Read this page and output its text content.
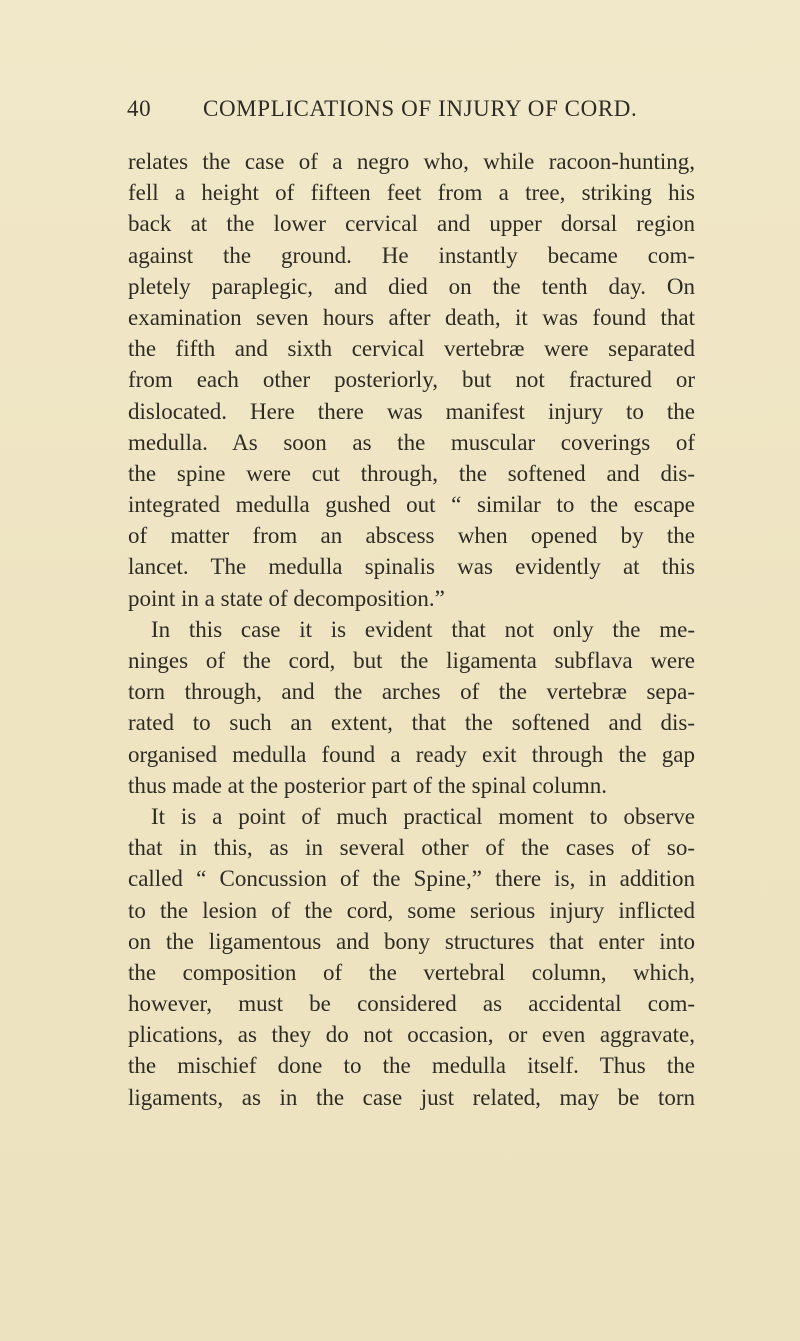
40 COMPLICATIONS OF INJURY OF CORD.
relates the case of a negro who, while racoon-hunting,
fell a height of fifteen feet from a tree, striking his
back at the lower cervical and upper dorsal region
against the ground. He instantly became com-
pletely paraplegic, and died on the tenth day. On
examination seven hours after death, it was found that
the fifth and sixth cervical vertebræ were separated
from each other posteriorly, but not fractured or
dislocated. Here there was manifest injury to the
medulla. As soon as the muscular coverings of
the spine were cut through, the softened and dis-
integrated medulla gushed out “ similar to the escape
of matter from an abscess when opened by the
lancet. The medulla spinalis was evidently at this
point in a state of decomposition.”
In this case it is evident that not only the me-
ninges of the cord, but the ligamenta subflava were
torn through, and the arches of the vertebræ sepa-
rated to such an extent, that the softened and dis-
organised medulla found a ready exit through the gap
thus made at the posterior part of the spinal column.
It is a point of much practical moment to observe
that in this, as in several other of the cases of so-
called “ Concussion of the Spine,” there is, in addition
to the lesion of the cord, some serious injury inflicted
on the ligamentous and bony structures that enter into
the composition of the vertebral column, which,
however, must be considered as accidental com-
plications, as they do not occasion, or even aggravate,
the mischief done to the medulla itself. Thus the
ligaments, as in the case just related, may be torn
